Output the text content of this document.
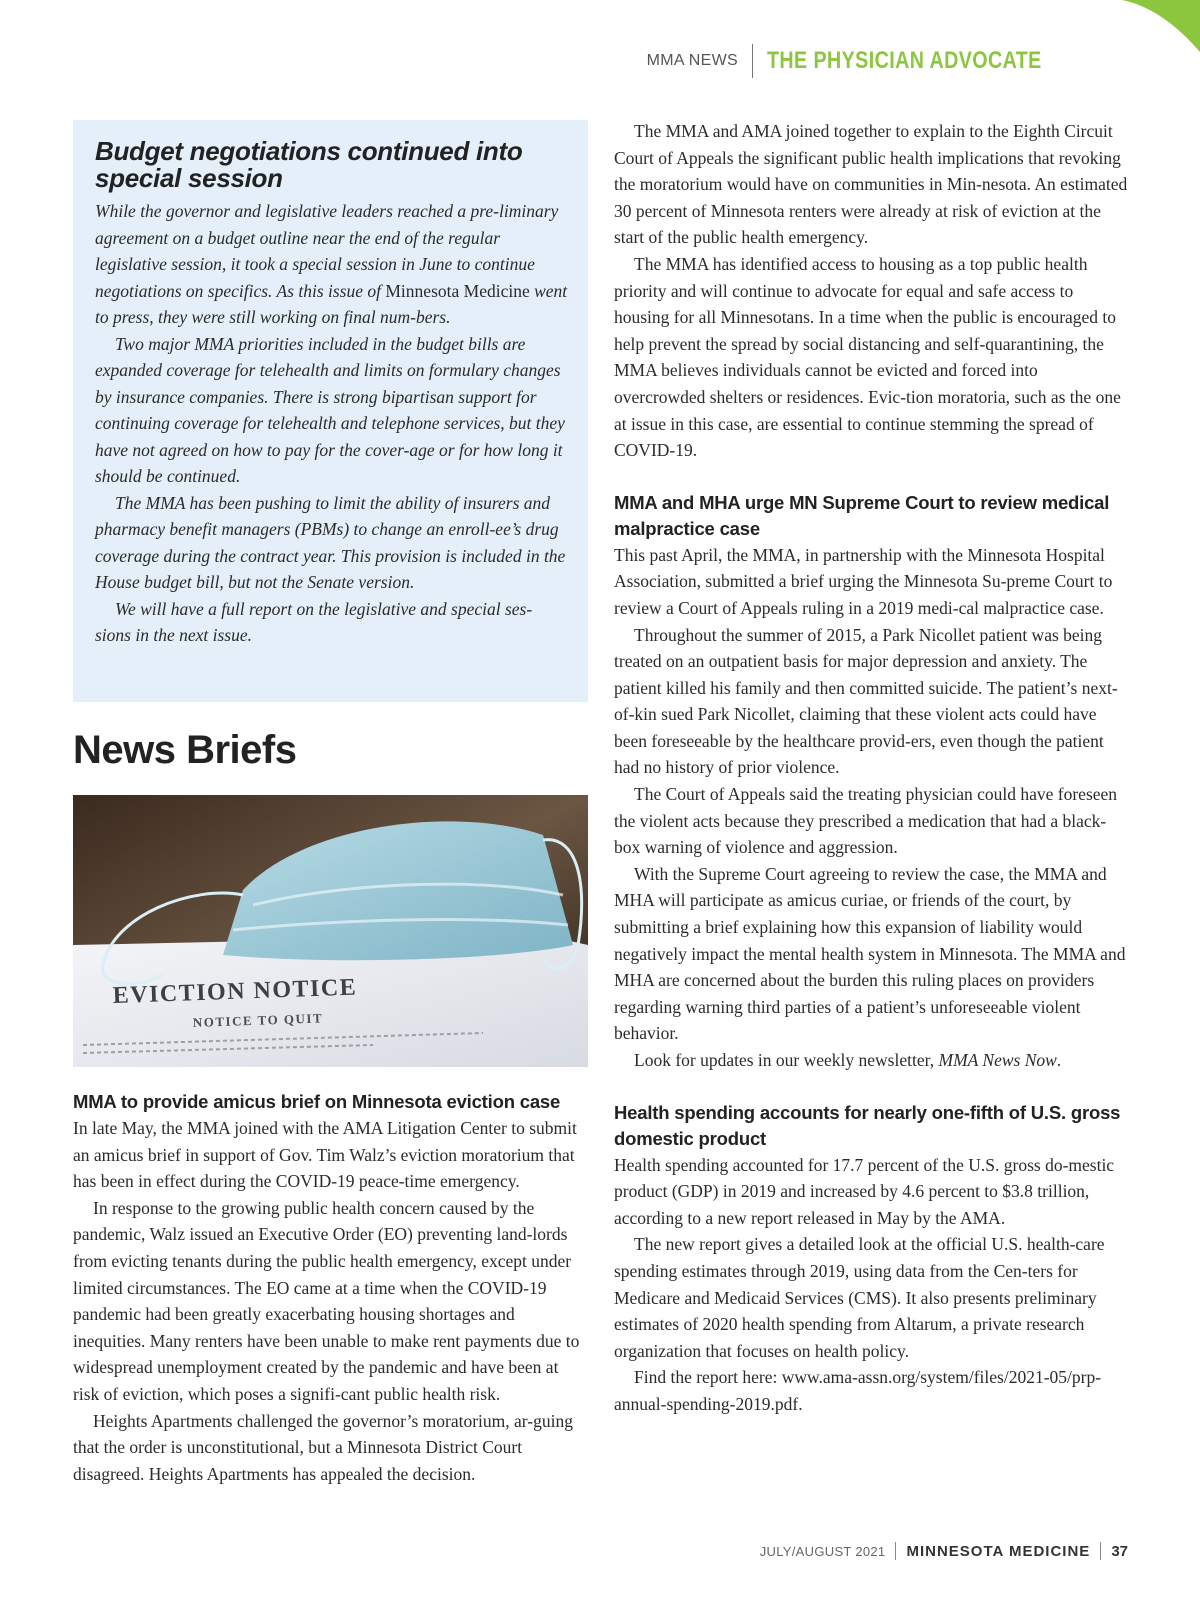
MMA NEWS THE PHYSICIAN ADVOCATE
Budget negotiations continued into special session

While the governor and legislative leaders reached a pre-liminary agreement on a budget outline near the end of the regular legislative session, it took a special session in June to continue negotiations on specifics. As this issue of Minnesota Medicine went to press, they were still working on final num-bers.

Two major MMA priorities included in the budget bills are expanded coverage for telehealth and limits on formulary changes by insurance companies. There is strong bipartisan support for continuing coverage for telehealth and telephone services, but they have not agreed on how to pay for the cover-age or for how long it should be continued.

The MMA has been pushing to limit the ability of insurers and pharmacy benefit managers (PBMs) to change an enroll-ee’s drug coverage during the contract year. This provision is included in the House budget bill, but not the Senate version.

We will have a full report on the legislative and special ses-sions in the next issue.

News Briefs
EVICTION NOTICE
NOTICE TO QUIT
MMA to provide amicus brief on Minnesota eviction case

In late May, the MMA joined with the AMA Litigation Center to submit an amicus brief in support of Gov. Tim Walz’s eviction moratorium that has been in effect during the COVID-19 peace-time emergency.

In response to the growing public health concern caused by the pandemic, Walz issued an Executive Order (EO) preventing land-lords from evicting tenants during the public health emergency, except under limited circumstances. The EO came at a time when the COVID-19 pandemic had been greatly exacerbating housing shortages and inequities. Many renters have been unable to make rent payments due to widespread unemployment created by the pandemic and have been at risk of eviction, which poses a signifi-cant public health risk.

Heights Apartments challenged the governor’s moratorium, ar-guing that the order is unconstitutional, but a Minnesota District Court disagreed. Heights Apartments has appealed the decision.

The MMA and AMA joined together to explain to the Eighth Circuit Court of Appeals the significant public health implications that revoking the moratorium would have on communities in Min-nesota. An estimated 30 percent of Minnesota renters were already at risk of eviction at the start of the public health emergency.

The MMA has identified access to housing as a top public health priority and will continue to advocate for equal and safe access to housing for all Minnesotans. In a time when the public is encouraged to help prevent the spread by social distancing and self-quarantining, the MMA believes individuals cannot be evicted and forced into overcrowded shelters or residences. Evic-tion moratoria, such as the one at issue in this case, are essential to continue stemming the spread of COVID-19.

MMA and MHA urge MN Supreme Court to review medical malpractice case

This past April, the MMA, in partnership with the Minnesota Hospital Association, submitted a brief urging the Minnesota Su-preme Court to review a Court of Appeals ruling in a 2019 medi-cal malpractice case.

Throughout the summer of 2015, a Park Nicollet patient was being treated on an outpatient basis for major depression and anxiety. The patient killed his family and then committed suicide. The patient’s next-of-kin sued Park Nicollet, claiming that these violent acts could have been foreseeable by the healthcare provid-ers, even though the patient had no history of prior violence.

The Court of Appeals said the treating physician could have foreseen the violent acts because they prescribed a medication that had a black-box warning of violence and aggression.

With the Supreme Court agreeing to review the case, the MMA and MHA will participate as amicus curiae, or friends of the court, by submitting a brief explaining how this expansion of liability would negatively impact the mental health system in Minnesota. The MMA and MHA are concerned about the burden this ruling places on providers regarding warning third parties of a patient’s unforeseeable violent behavior.

Look for updates in our weekly newsletter, MMA News Now.

Health spending accounts for nearly one-fifth of U.S. gross domestic product

Health spending accounted for 17.7 percent of the U.S. gross do-mestic product (GDP) in 2019 and increased by 4.6 percent to $3.8 trillion, according to a new report released in May by the AMA.

The new report gives a detailed look at the official U.S. health-care spending estimates through 2019, using data from the Cen-ters for Medicare and Medicaid Services (CMS). It also presents preliminary estimates of 2020 health spending from Altarum, a private research organization that focuses on health policy.

Find the report here: www.ama-assn.org/system/files/2021-05/prp-annual-spending-2019.pdf.

JULY/AUGUST 2021 MINNESOTA MEDICINE 37
